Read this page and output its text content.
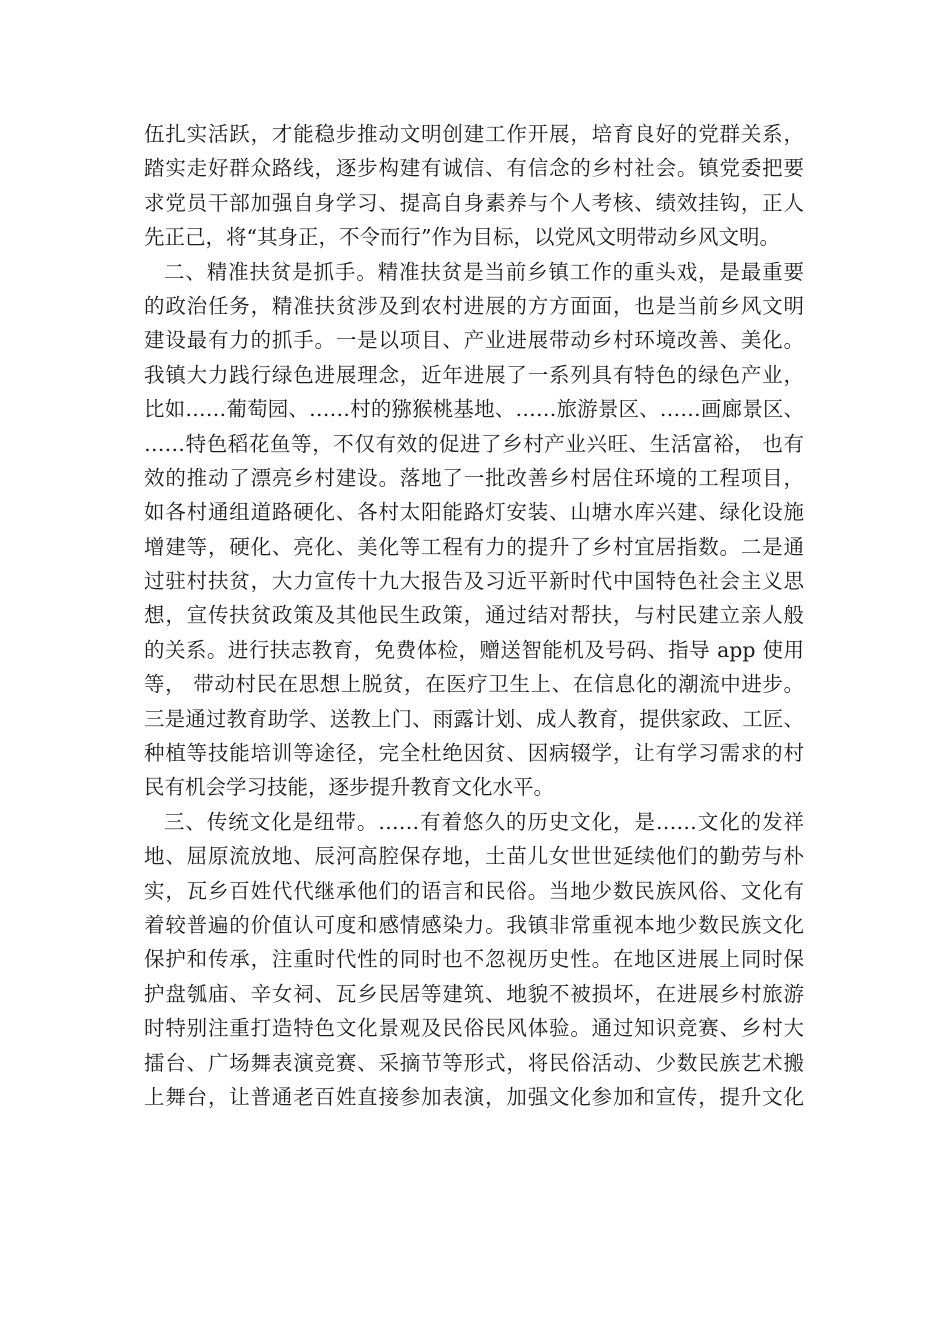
伍扎实活跃，才能稳步推动文明创建工作开展，培育良好的党群关系，
踏实走好群众路线，逐步构建有诚信、有信念的乡村社会。镇党委把要
求党员干部加强自身学习、提高自身素养与个人考核、绩效挂钩，正人
先正己，将“其身正，不令而行”作为目标，以党风文明带动乡风文明。
二、精准扶贫是抓手。精准扶贫是当前乡镇工作的重头戏，是最重要
的政治任务，精准扶贫涉及到农村进展的方方面面，也是当前乡风文明
建设最有力的抓手。一是以项目、产业进展带动乡村环境改善、美化。
我镇大力践行绿色进展理念，近年进展了一系列具有特色的绿色产业，
比如……葡萄园、……村的猕猴桃基地、……旅游景区、……画廊景区、
……特色稻花鱼等，不仅有效的促进了乡村产业兴旺、生活富裕， 也有
效的推动了漂亮乡村建设。落地了一批改善乡村居住环境的工程项目，
如各村通组道路硬化、各村太阳能路灯安装、山塘水库兴建、绿化设施
增建等，硬化、亮化、美化等工程有力的提升了乡村宜居指数。二是通
过驻村扶贫，大力宣传十九大报告及习近平新时代中国特色社会主义思
想，宣传扶贫政策及其他民生政策，通过结对帮扶，与村民建立亲人般
的关系。进行扶志教育，免费体检，赠送智能机及号码、指导 app 使用
等， 带动村民在思想上脱贫，在医疗卫生上、在信息化的潮流中进步。
三是通过教育助学、送教上门、雨露计划、成人教育，提供家政、工匠、
种植等技能培训等途径，完全杜绝因贫、因病辍学，让有学习需求的村
民有机会学习技能，逐步提升教育文化水平。
三、传统文化是纽带。……有着悠久的历史文化，是……文化的发祥
地、屈原流放地、辰河高腔保存地，土苗儿女世世延续他们的勤劳与朴
实，瓦乡百姓代代继承他们的语言和民俗。当地少数民族风俗、文化有
着较普遍的价值认可度和感情感染力。我镇非常重视本地少数民族文化
保护和传承，注重时代性的同时也不忽视历史性。在地区进展上同时保
护盘瓠庙、辛女祠、瓦乡民居等建筑、地貌不被损坏，在进展乡村旅游
时特别注重打造特色文化景观及民俗民风体验。通过知识竞赛、乡村大
擂台、广场舞表演竞赛、采摘节等形式，将民俗活动、少数民族艺术搬
上舞台，让普通老百姓直接参加表演，加强文化参加和宣传，提升文化
